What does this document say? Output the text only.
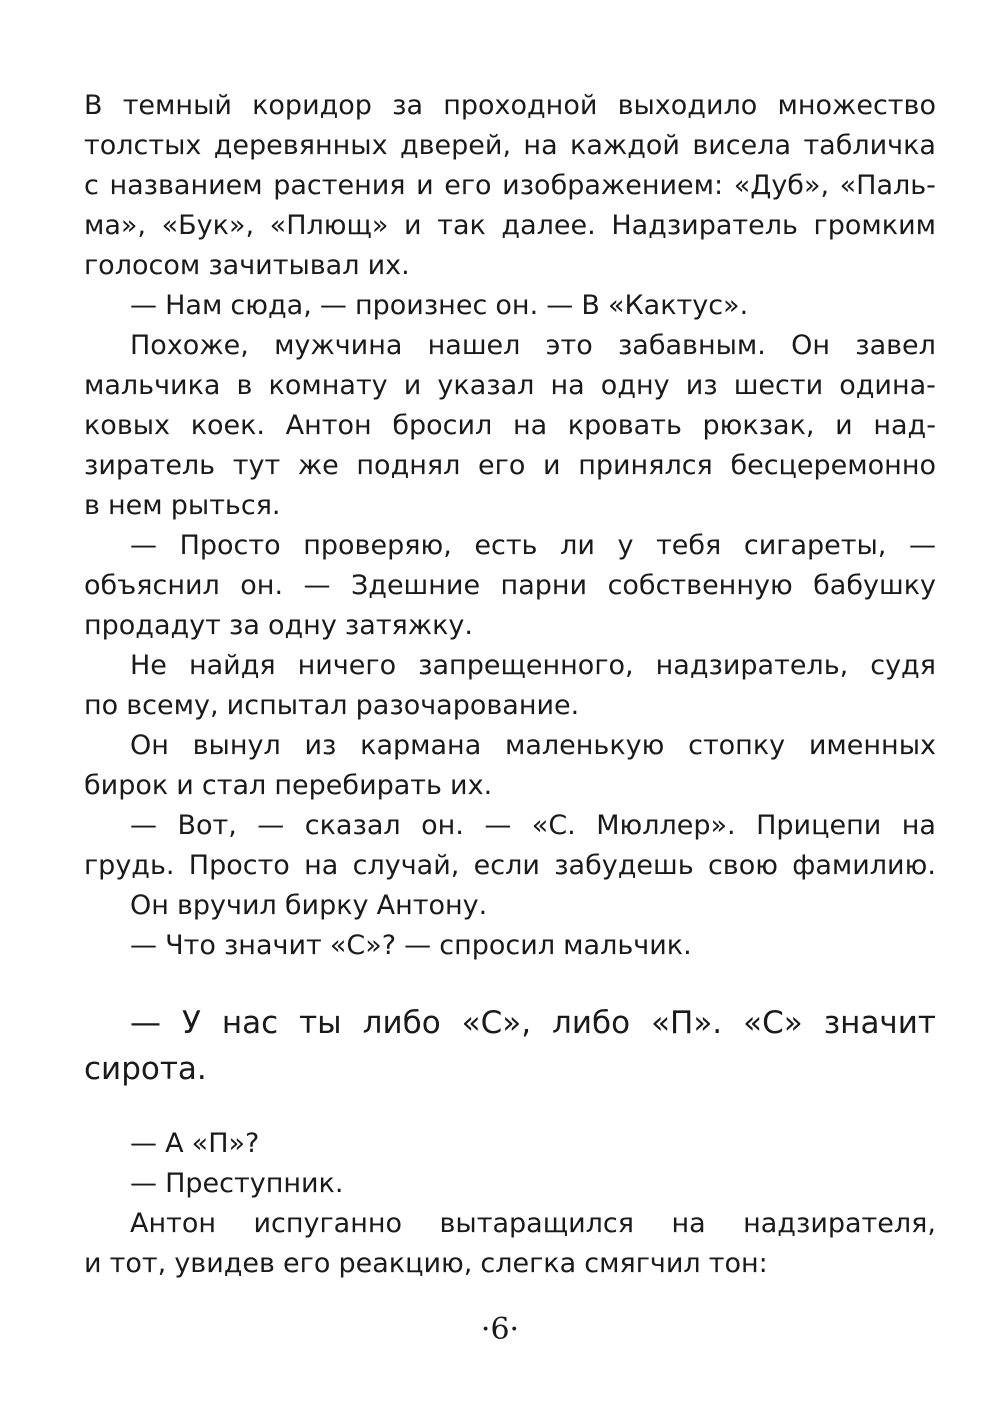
В темный коридор за проходной выходило множество
толстых деревянных дверей, на каждой висела табличка
с названием растения и его изображением: «Дуб», «Паль-
ма», «Бук», «Плющ» и так далее. Надзиратель громким
голосом зачитывал их.
— Нам сюда, — произнес он. — В «Кактус».
Похоже, мужчина нашел это забавным. Он завел
мальчика в комнату и указал на одну из шести одина-
ковых коек. Антон бросил на кровать рюкзак, и над-
зиратель тут же поднял его и принялся бесцеремонно
в нем рыться.
— Просто проверяю, есть ли у тебя сигареты, —
объяснил он. — Здешние парни собственную бабушку
продадут за одну затяжку.
Не найдя ничего запрещенного, надзиратель, судя
по всему, испытал разочарование.
Он вынул из кармана маленькую стопку именных
бирок и стал перебирать их.
— Вот, — сказал он. — «С. Мюллер». Прицепи на
грудь. Просто на случай, если забудешь свою фамилию.
Он вручил бирку Антону.
— Что значит «С»? — спросил мальчик.
— У нас ты либо «С», либо «П». «С» значит
сирота.
— А «П»?
— Преступник.
Антон испуганно вытаращился на надзирателя,
и тот, увидев его реакцию, слегка смягчил тон:
·6·
